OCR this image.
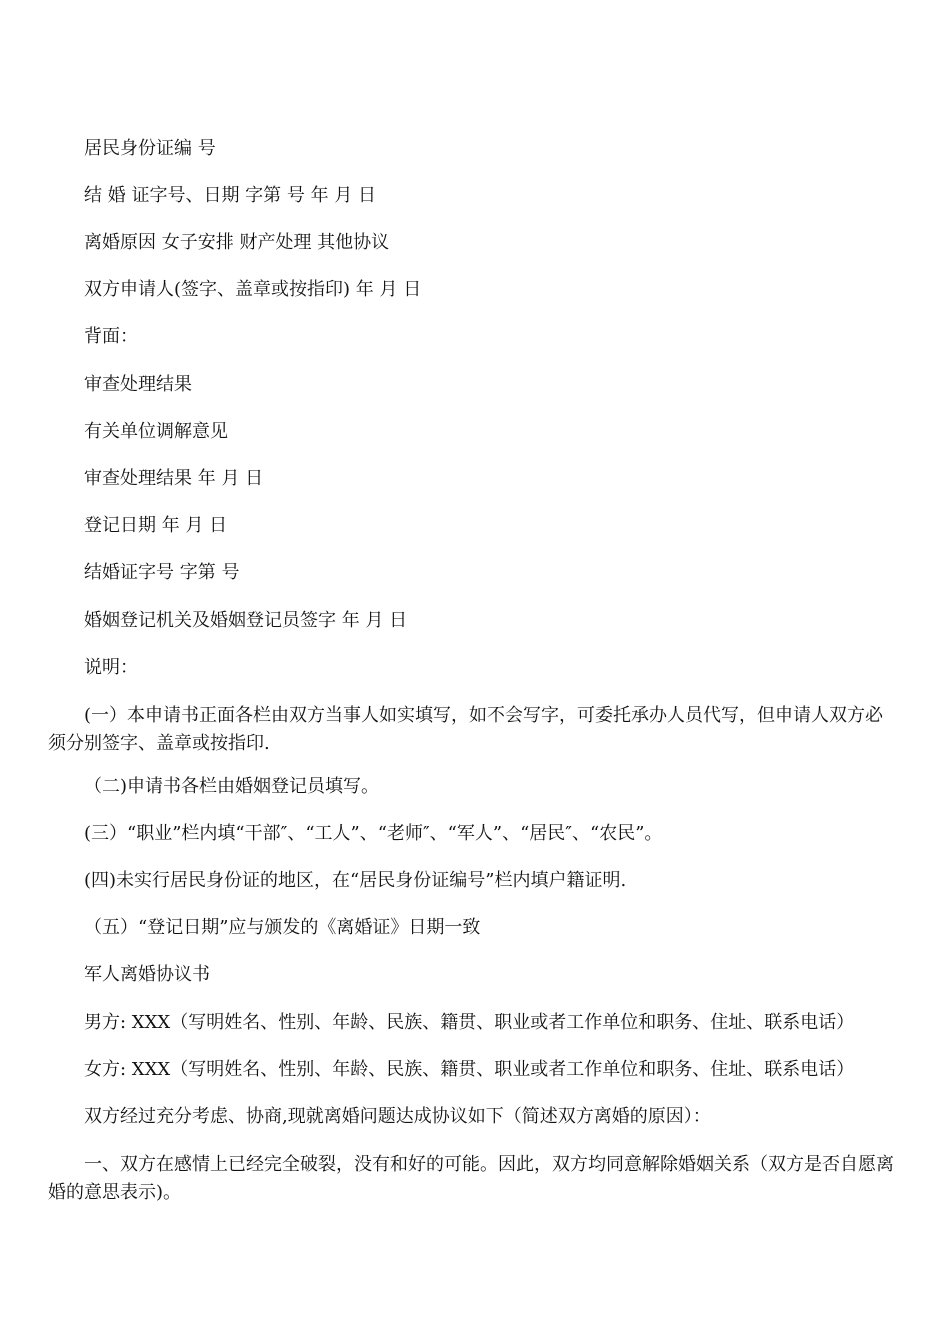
居民身份证编 号
结 婚 证字号、日期 字第 号 年 月 日
离婚原因 女子安排 财产处理 其他协议
双方申请人(签字、盖章或按指印) 年 月 日
背面：
审查处理结果
有关单位调解意见
审查处理结果 年 月 日
登记日期 年 月 日
结婚证字号 字第 号
婚姻登记机关及婚姻登记员签字 年 月 日
说明：
(一）本申请书正面各栏由双方当事人如实填写，如不会写字，可委托承办人员代写，但申请人双方必须分别签字、盖章或按指印.
（二)申请书各栏由婚姻登记员填写。
(三）“职业”栏内填“干部″、“工人”、“老师″、“军人”、“居民″、“农民”。
(四)未实行居民身份证的地区，在“居民身份证编号”栏内填户籍证明.
（五）“登记日期”应与颁发的《离婚证》日期一致
军人离婚协议书
男方: XXX（写明姓名、性别、年龄、民族、籍贯、职业或者工作单位和职务、住址、联系电话）
女方: XXX（写明姓名、性别、年龄、民族、籍贯、职业或者工作单位和职务、住址、联系电话）
双方经过充分考虑、协商,现就离婚问题达成协议如下（简述双方离婚的原因）：
一、双方在感情上已经完全破裂，没有和好的可能。因此，双方均同意解除婚姻关系（双方是否自愿离婚的意思表示)。
